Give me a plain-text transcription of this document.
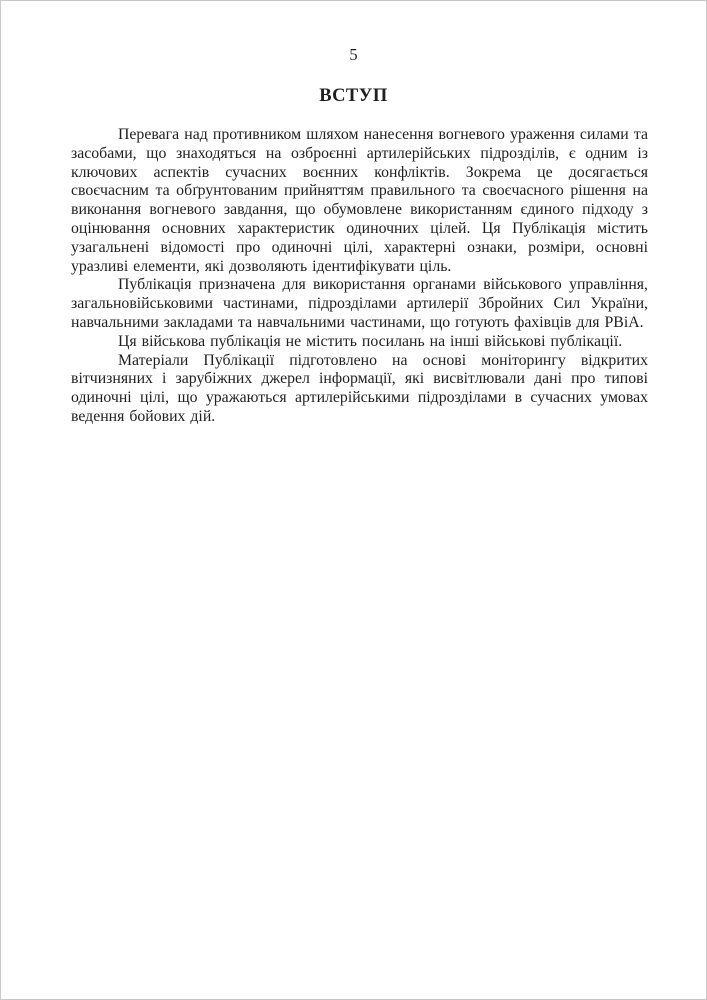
5
ВСТУП

Перевага над противником шляхом нанесення вогневого ураження силами та засобами, що знаходяться на озброєнні артилерійських підрозділів, є одним із ключових аспектів сучасних воєнних конфліктів. Зокрема це досягається своєчасним та обґрунтованим прийняттям правильного та своєчасного рішення на виконання вогневого завдання, що обумовлене використанням єдиного підходу з оцінювання основних характеристик одиночних цілей. Ця Публікація містить узагальнені відомості про одиночні цілі, характерні ознаки, розміри, основні уразливі елементи, які дозволяють ідентифікувати ціль.

Публікація призначена для використання органами військового управління, загальновійськовими частинами, підрозділами артилерії Збройних Сил України, навчальними закладами та навчальними частинами, що готують фахівців для РВіА.

Ця військова публікація не містить посилань на інші військові публікації.

Матеріали Публікації підготовлено на основі моніторингу відкритих вітчизняних і зарубіжних джерел інформації, які висвітлювали дані про типові одиночні цілі, що уражаються артилерійськими підрозділами в сучасних умовах ведення бойових дій.
